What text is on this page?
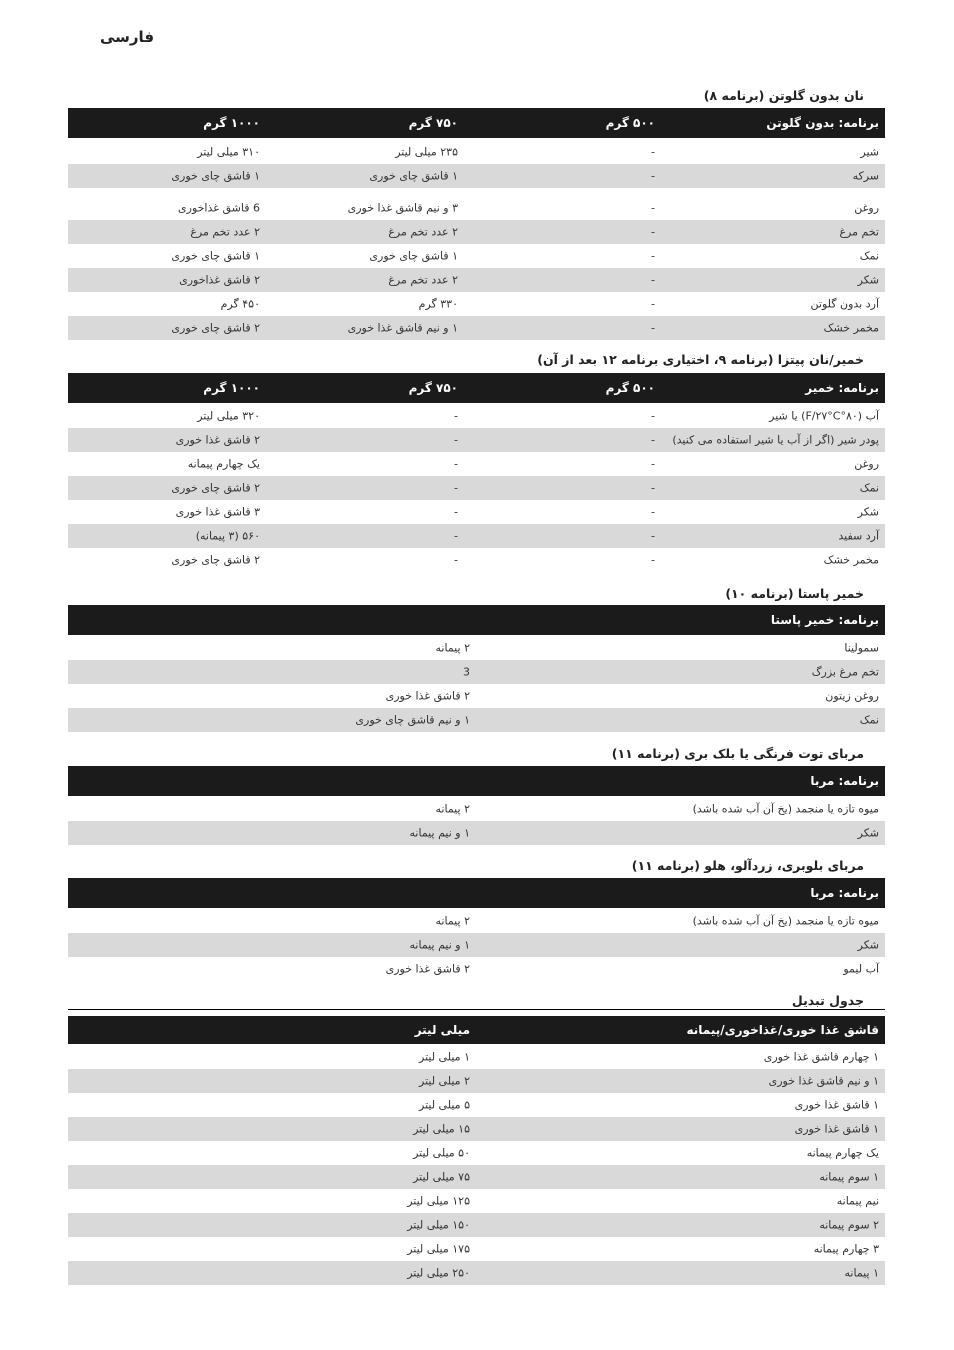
فارسی
نان بدون گلوتن (برنامه ۸)
برنامه: بدون گلوتن
۵۰۰ گرم
۷۵۰ گرم
۱۰۰۰ گرم
شیر
-
۲۳۵ میلی لیتر
۳۱۰ میلی لیتر
سرکه
-
۱ قاشق چای خوری
۱ قاشق چای خوری
روغن
-
۳ و نیم قاشق غذا خوری
6 قاشق غذاخوری
تخم مرغ
-
۲ عدد تخم مرغ
۲ عدد تخم مرغ
نمک
-
۱ قاشق چای خوری
۱ قاشق چای خوری
شکر
-
۲ عدد تخم مرغ
۲ قاشق غذاخوری
آرد بدون گلوتن
-
۳۳۰ گرم
۴۵۰ گرم
مخمر خشک
-
۱ و نیم قاشق غذا خوری
۲ قاشق چای خوری
خمیر/نان پیتزا (برنامه ۹، اختیاری برنامه ۱۲ بعد از آن)
برنامه: خمیر
۵۰۰ گرم
۷۵۰ گرم
۱۰۰۰ گرم
آب (۸۰°F/۲۷°C) یا شیر
-
-
۳۲۰ میلی لیتر
پودر شیر (اگر از آب یا شیر استفاده می کنید)
-
-
۲ قاشق غذا خوری
روغن
-
-
یک چهارم پیمانه
نمک
-
-
۲ قاشق چای خوری
شکر
-
-
۳ قاشق غذا خوری
آرد سفید
-
-
۵۶۰ (۳ پیمانه)
مخمر خشک
-
-
۲ قاشق چای خوری
خمیر پاستا (برنامه ۱۰)
برنامه: خمیر پاستا
سمولینا
۲ پیمانه
تخم مرغ بزرگ
3
روغن زیتون
۲ قاشق غذا خوری
نمک
۱ و نیم قاشق چای خوری
مربای توت فرنگی یا بلک بری (برنامه ۱۱)
برنامه: مربا
میوه تازه یا منجمد (یخ آن آب شده باشد)
۲ پیمانه
شکر
۱ و نیم پیمانه
مربای بلوبری، زردآلو، هلو (برنامه ۱۱)
برنامه: مربا
میوه تازه یا منجمد (یخ آن آب شده باشد)
۲ پیمانه
شکر
۱ و نیم پیمانه
آب لیمو
۲ قاشق غذا خوری
جدول تبدیل
قاشق غذا خوری/غذاخوری/پیمانه
میلی لیتر
۱ چهارم قاشق غذا خوری
۱ میلی لیتر
۱ و نیم قاشق غذا خوری
۲ میلی لیتر
۱ قاشق غذا خوری
۵ میلی لیتر
۱ قاشق غذا خوری
۱۵ میلی لیتر
یک چهارم پیمانه
۵۰ میلی لیتر
۱ سوم پیمانه
۷۵ میلی لیتر
نیم پیمانه
۱۲۵ میلی لیتر
۲ سوم پیمانه
۱۵۰ میلی لیتر
۳ چهارم پیمانه
۱۷۵ میلی لیتر
۱ پیمانه
۲۵۰ میلی لیتر
